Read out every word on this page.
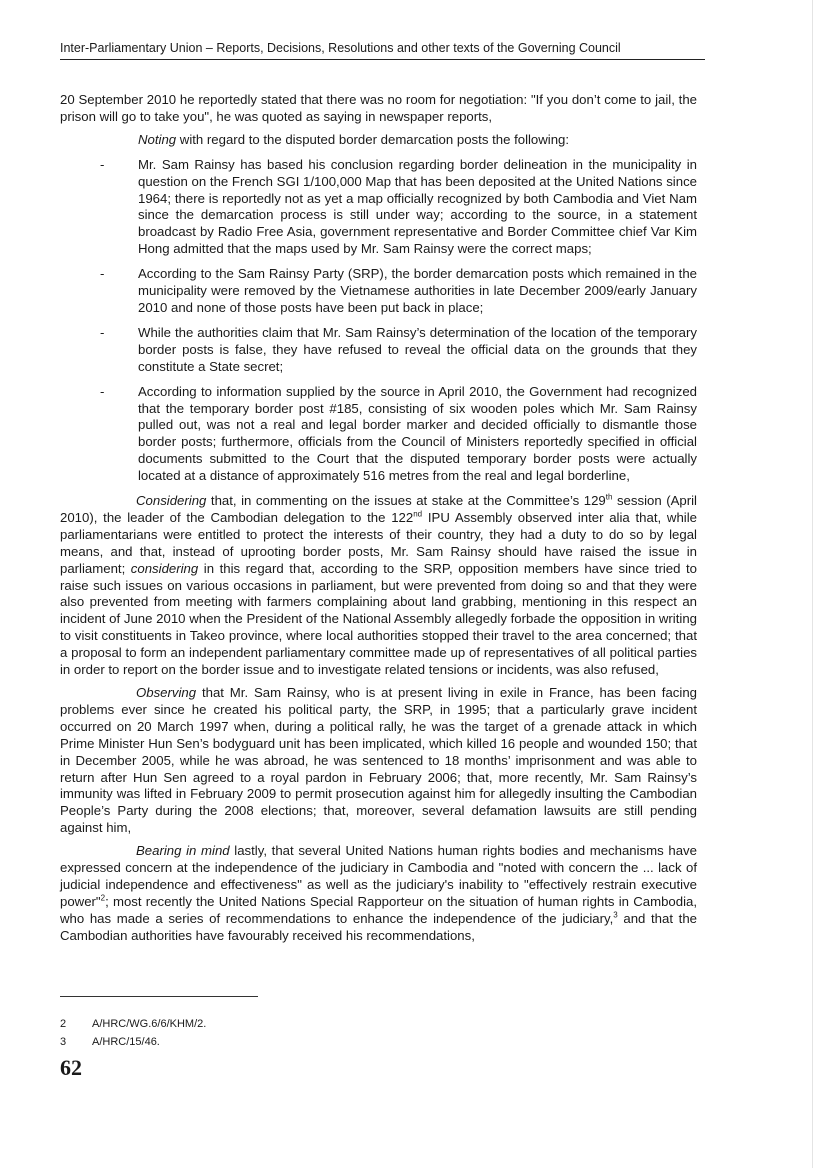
Inter-Parliamentary Union – Reports, Decisions, Resolutions and other texts of the Governing Council

20 September 2010 he reportedly stated that there was no room for negotiation: "If you don’t come to jail, the prison will go to take you", he was quoted as saying in newspaper reports,

Noting with regard to the disputed border demarcation posts the following:

-	Mr. Sam Rainsy has based his conclusion regarding border delineation in the municipality in question on the French SGI 1/100,000 Map that has been deposited at the United Nations since 1964; there is reportedly not as yet a map officially recognized by both Cambodia and Viet Nam since the demarcation process is still under way; according to the source, in a statement broadcast by Radio Free Asia, government representative and Border Committee chief Var Kim Hong admitted that the maps used by Mr. Sam Rainsy were the correct maps;
-	According to the Sam Rainsy Party (SRP), the border demarcation posts which remained in the municipality were removed by the Vietnamese authorities in late December 2009/early January 2010 and none of those posts have been put back in place;
-	While the authorities claim that Mr. Sam Rainsy’s determination of the location of the temporary border posts is false, they have refused to reveal the official data on the grounds that they constitute a State secret;
-	According to information supplied by the source in April 2010, the Government had recognized that the temporary border post #185, consisting of six wooden poles which Mr. Sam Rainsy pulled out, was not a real and legal border marker and decided officially to dismantle those border posts; furthermore, officials from the Council of Ministers reportedly specified in official documents submitted to the Court that the disputed temporary border posts were actually located at a distance of approximately 516 metres from the real and legal borderline,

Considering that, in commenting on the issues at stake at the Committee’s 129th session (April 2010), the leader of the Cambodian delegation to the 122nd IPU Assembly observed inter alia that, while parliamentarians were entitled to protect the interests of their country, they had a duty to do so by legal means, and that, instead of uprooting border posts, Mr. Sam Rainsy should have raised the issue in parliament; considering in this regard that, according to the SRP, opposition members have since tried to raise such issues on various occasions in parliament, but were prevented from doing so and that they were also prevented from meeting with farmers complaining about land grabbing, mentioning in this respect an incident of June 2010 when the President of the National Assembly allegedly forbade the opposition in writing to visit constituents in Takeo province, where local authorities stopped their travel to the area concerned; that a proposal to form an independent parliamentary committee made up of representatives of all political parties in order to report on the border issue and to investigate related tensions or incidents, was also refused,

Observing that Mr. Sam Rainsy, who is at present living in exile in France, has been facing problems ever since he created his political party, the SRP, in 1995; that a particularly grave incident occurred on 20 March 1997 when, during a political rally, he was the target of a grenade attack in which Prime Minister Hun Sen’s bodyguard unit has been implicated, which killed 16 people and wounded 150; that in December 2005, while he was abroad, he was sentenced to 18 months’ imprisonment and was able to return after Hun Sen agreed to a royal pardon in February 2006; that, more recently, Mr. Sam Rainsy’s immunity was lifted in February 2009 to permit prosecution against him for allegedly insulting the Cambodian People’s Party during the 2008 elections; that, moreover, several defamation lawsuits are still pending against him,

Bearing in mind lastly, that several United Nations human rights bodies and mechanisms have expressed concern at the independence of the judiciary in Cambodia and "noted with concern the ... lack of judicial independence and effectiveness" as well as the judiciary's inability to "effectively restrain executive power"$^2$; most recently the United Nations Special Rapporteur on the situation of human rights in Cambodia, who has made a series of recommendations to enhance the independence of the judiciary,$^3$ and that the Cambodian authorities have favourably received his recommendations,

2 A/HRC/WG.6/6/KHM/2.
3 A/HRC/15/46.
62
